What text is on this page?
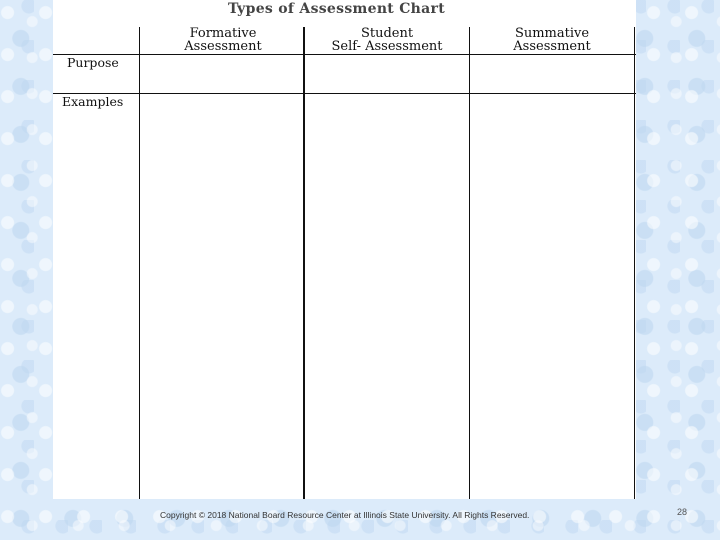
Types of Assessment Chart
Formative
Assessment
Student
Self- Assessment
Summative
Assessment
Purpose
Examples
Copyright © 2018 National Board Resource Center at Illinois State University. All Rights Reserved.	28
